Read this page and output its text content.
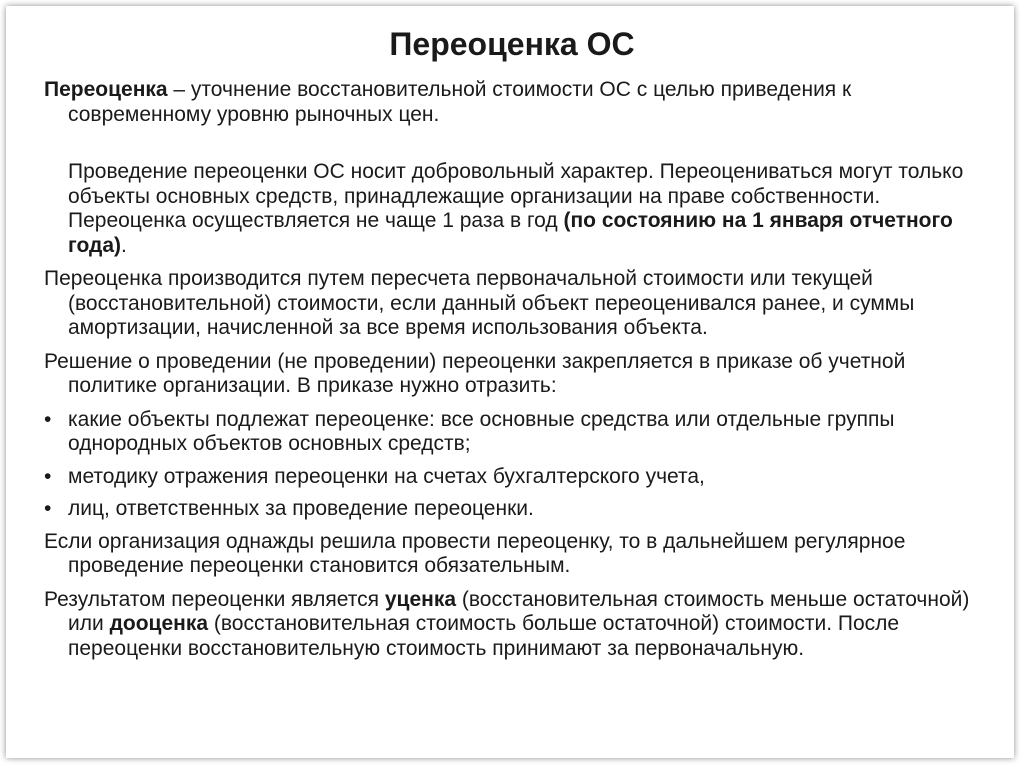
Переоценка ОС

Переоценка – уточнение восстановительной стоимости ОС с целью приведения к современному уровню рыночных цен.

Проведение переоценки ОС носит добровольный характер. Переоцениваться могут только объекты основных средств, принадлежащие организации на праве собственности. Переоценка осуществляется не чаще 1 раза в год (по состоянию на 1 января отчетного года).

Переоценка производится путем пересчета первоначальной стоимости или текущей (восстановительной) стоимости, если данный объект переоценивался ранее, и суммы амортизации, начисленной за все время использования объекта.

Решение о проведении (не проведении) переоценки закрепляется в приказе об учетной политике организации. В приказе нужно отразить:

• какие объекты подлежат переоценке: все основные средства или отдельные группы однородных объектов основных средств;
• методику отражения переоценки на счетах бухгалтерского учета,
• лиц, ответственных за проведение переоценки.

Если организация однажды решила провести переоценку, то в дальнейшем регулярное проведение переоценки становится обязательным.

Результатом переоценки является уценка (восстановительная стоимость меньше остаточной) или дооценка (восстановительная стоимость больше остаточной) стоимости. После переоценки восстановительную стоимость принимают за первоначальную.
